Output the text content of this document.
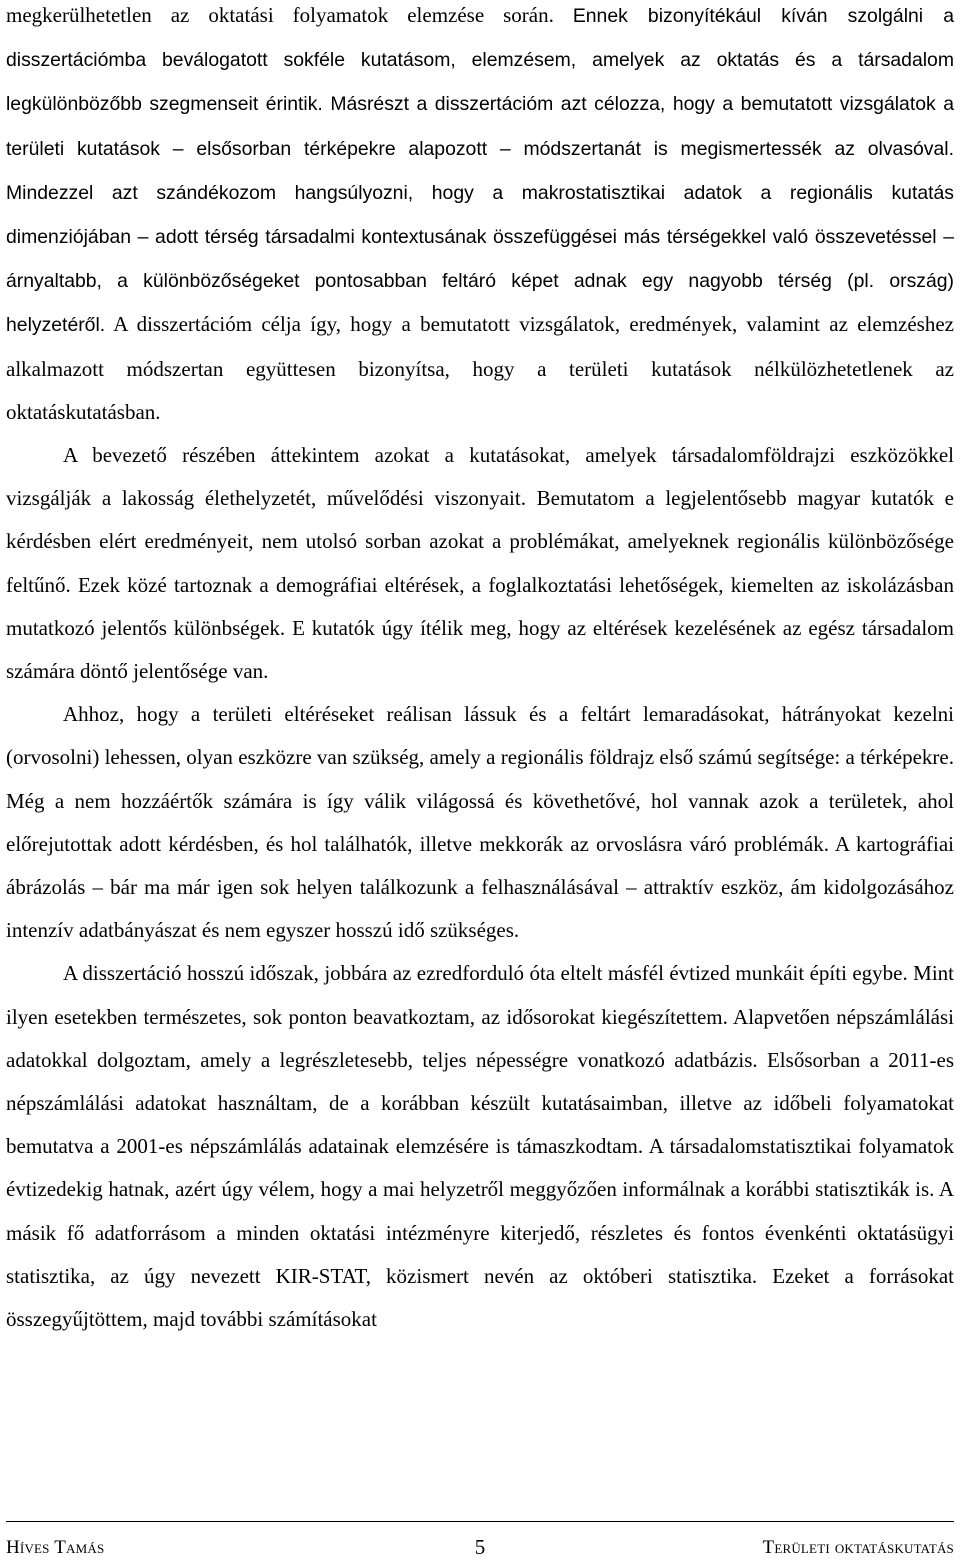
megkerülhetetlen az oktatási folyamatok elemzése során. Ennek bizonyítékául kíván szolgálni a disszertációmba beválogatott sokféle kutatásom, elemzésem, amelyek az oktatás és a társadalom legkülönbözőbb szegmenseit érintik. Másrészt a disszertációm azt célozza, hogy a bemutatott vizsgálatok a területi kutatások – elsősorban térképekre alapozott – módszertanát is megismertessék az olvasóval. Mindezzel azt szándékozom hangsúlyozni, hogy a makrostatisztikai adatok a regionális kutatás dimenziójában – adott térség társadalmi kontextusának összefüggései más térségekkel való összevetéssel – árnyaltabb, a különbözőségeket pontosabban feltáró képet adnak egy nagyobb térség (pl. ország) helyzetéről. A disszertációm célja így, hogy a bemutatott vizsgálatok, eredmények, valamint az elemzéshez alkalmazott módszertan együttesen bizonyítsa, hogy a területi kutatások nélkülözhetetlenek az oktatáskutatásban.

A bevezető részében áttekintem azokat a kutatásokat, amelyek társadalomföldrajzi eszközökkel vizsgálják a lakosság élethelyzetét, művelődési viszonyait. Bemutatom a legjelentősebb magyar kutatók e kérdésben elért eredményeit, nem utolsó sorban azokat a problémákat, amelyeknek regionális különbözősége feltűnő. Ezek közé tartoznak a demográfiai eltérések, a foglalkoztatási lehetőségek, kiemelten az iskolázásban mutatkozó jelentős különbségek. E kutatók úgy ítélik meg, hogy az eltérések kezelésének az egész társadalom számára döntő jelentősége van.

Ahhoz, hogy a területi eltéréseket reálisan lássuk és a feltárt lemaradásokat, hátrányokat kezelni (orvosolni) lehessen, olyan eszközre van szükség, amely a regionális földrajz első számú segítsége: a térképekre. Még a nem hozzáértők számára is így válik világossá és követhetővé, hol vannak azok a területek, ahol előrejutottak adott kérdésben, és hol találhatók, illetve mekkorák az orvoslásra váró problémák. A kartográfiai ábrázolás – bár ma már igen sok helyen találkozunk a felhasználásával – attraktív eszköz, ám kidolgozásához intenzív adatbányászat és nem egyszer hosszú idő szükséges.

A disszertáció hosszú időszak, jobbára az ezredforduló óta eltelt másfél évtized munkáit építi egybe. Mint ilyen esetekben természetes, sok ponton beavatkoztam, az idősorokat kiegészítettem. Alapvetően népszámlálási adatokkal dolgoztam, amely a legrészletesebb, teljes népességre vonatkozó adatbázis. Elsősorban a 2011-es népszámlálási adatokat használtam, de a korábban készült kutatásaimban, illetve az időbeli folyamatokat bemutatva a 2001-es népszámlálás adatainak elemzésére is támaszkodtam. A társadalomstatisztikai folyamatok évtizedekig hatnak, azért úgy vélem, hogy a mai helyzetről meggyőzően informálnak a korábbi statisztikák is. A másik fő adatforrásom a minden oktatási intézményre kiterjedő, részletes és fontos évenkénti oktatásügyi statisztika, az úgy nevezett KIR-STAT, közismert nevén az októberi statisztika. Ezeket a forrásokat összegyűjtöttem, majd további számításokat

Híves Tamás	5	Területi oktatáskutatás
